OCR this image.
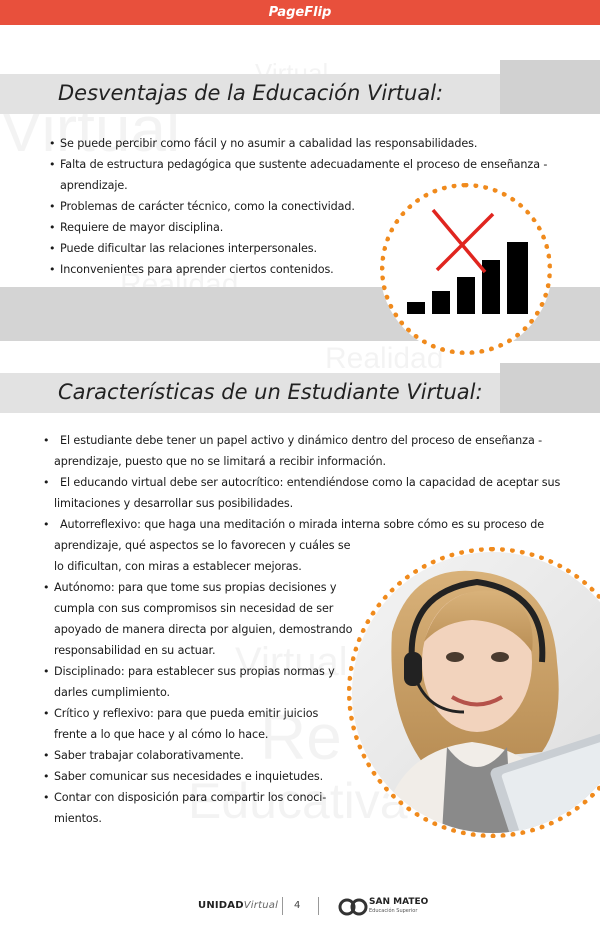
PageFlip
Desventajas de la Educación Virtual:
• Se puede percibir como fácil y no asumir a cabalidad las responsabilidades.
• Falta de estructura pedagógica que sustente adecuadamente el proceso de enseñanza -
aprendizaje.
• Problemas de carácter técnico, como la conectividad.
• Requiere de mayor disciplina.
• Puede dificultar las relaciones interpersonales.
• Inconvenientes para aprender ciertos contenidos.
Características de un Estudiante Virtual:
• El estudiante debe tener un papel activo y dinámico dentro del proceso de enseñanza -
aprendizaje, puesto que no se limitará a recibir información.
• El educando virtual debe ser autocrítico: entendiéndose como la capacidad de aceptar sus
limitaciones y desarrollar sus posibilidades.
• Autorreflexivo: que haga una meditación o mirada interna sobre cómo es su proceso de
aprendizaje, qué aspectos se lo favorecen y cuáles se
lo dificultan, con miras a establecer mejoras.
• Autónomo: para que tome sus propias decisiones y
cumpla con sus compromisos sin necesidad de ser
apoyado de manera directa por alguien, demostrando
responsabilidad en su actuar.
• Disciplinado: para establecer sus propias normas y
darles cumplimiento.
• Crítico y reflexivo: para que pueda emitir juicios
frente a lo que hace y al cómo lo hace.
• Saber trabajar colaborativamente.
• Saber comunicar sus necesidades e inquietudes.
• Contar con disposición para compartir los conoci-
mientos.
UNIDADVirtual 4	SAN MATEO
Educación Superior
